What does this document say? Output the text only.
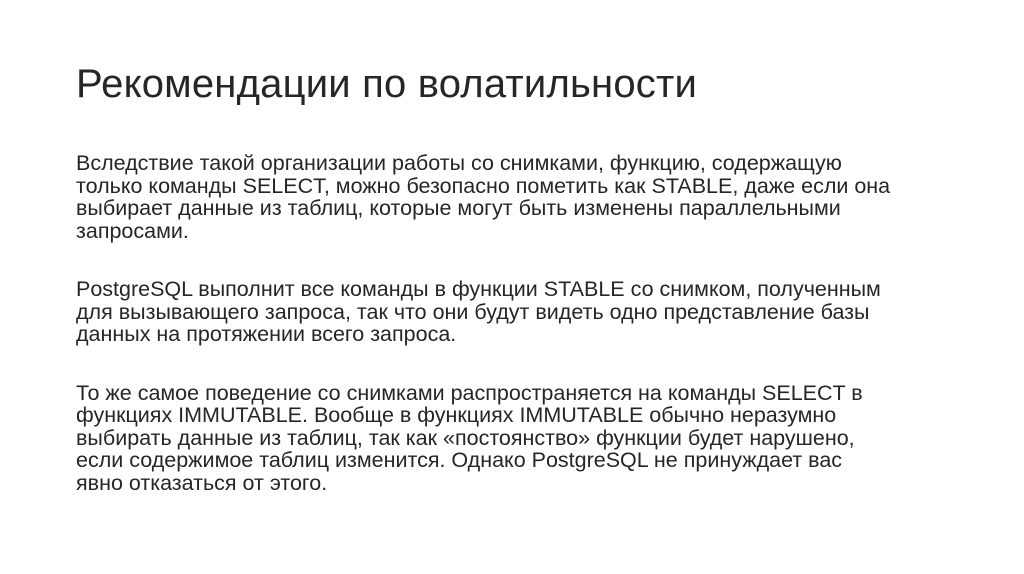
Рекомендации по волатильности

Вследствие такой организации работы со снимками, функцию, содержащую
только команды SELECT, можно безопасно пометить как STABLE, даже если она
выбирает данные из таблиц, которые могут быть изменены параллельными
запросами.

PostgreSQL выполнит все команды в функции STABLE со снимком, полученным
для вызывающего запроса, так что они будут видеть одно представление базы
данных на протяжении всего запроса.

То же самое поведение со снимками распространяется на команды SELECT в
функциях IMMUTABLE. Вообще в функциях IMMUTABLE обычно неразумно
выбирать данные из таблиц, так как «постоянство» функции будет нарушено,
если содержимое таблиц изменится. Однако PostgreSQL не принуждает вас
явно отказаться от этого.
